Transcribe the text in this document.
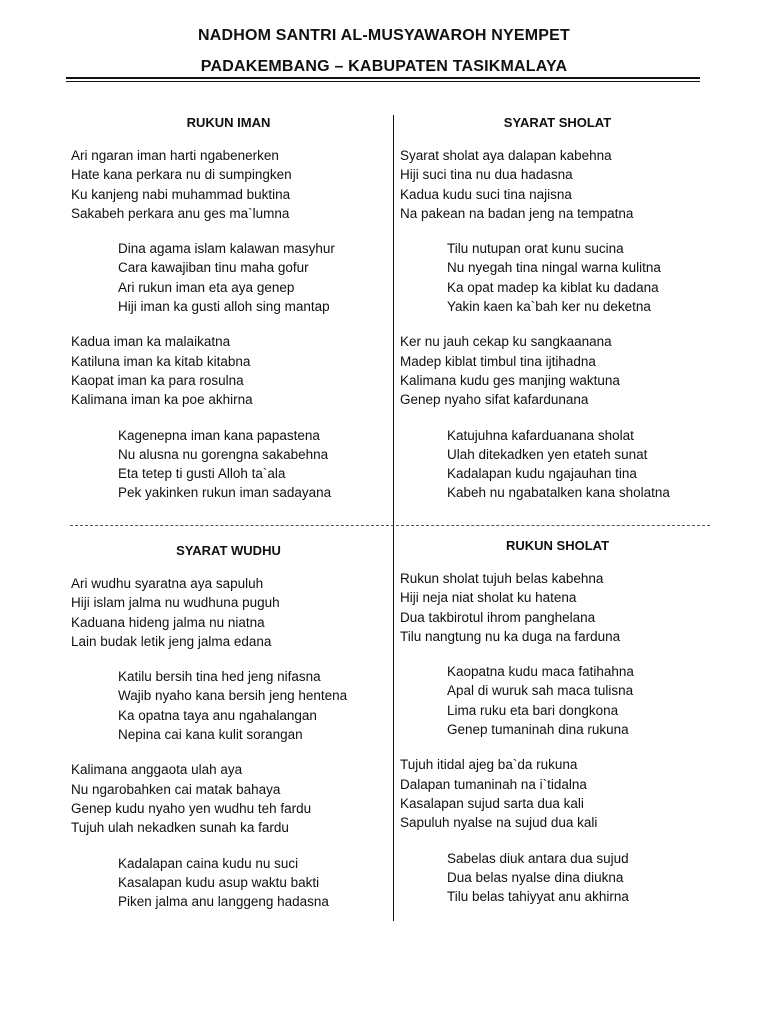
NADHOM SANTRI AL-MUSYAWAROH NYEMPET
PADAKEMBANG – KABUPATEN TASIKMALAYA
RUKUN IMAN
Ari ngaran iman harti ngabenerken
Hate kana perkara nu di sumpingken
Ku kanjeng nabi muhammad buktina
Sakabeh perkara anu ges ma`lumna
Dina agama islam kalawan masyhur
Cara kawajiban tinu maha gofur
Ari rukun iman eta aya genep
Hiji iman ka gusti alloh sing mantap
Kadua iman ka malaikatna
Katiluna iman ka kitab kitabna
Kaopat iman ka para rosulna
Kalimana iman ka poe akhirna
Kagenepna iman kana papastena
Nu alusna nu gorengna sakabehna
Eta tetep ti gusti Alloh ta`ala
Pek yakinken rukun iman sadayana
SYARAT SHOLAT
Syarat sholat aya dalapan kabehna
Hiji suci tina nu dua hadasna
Kadua kudu suci tina najisna
Na pakean na badan jeng na tempatna
Tilu nutupan orat kunu sucina
Nu nyegah tina ningal warna kulitna
Ka opat madep ka kiblat ku dadana
Yakin kaen ka`bah ker nu deketna
Ker nu jauh cekap ku sangkaanana
Madep kiblat timbul tina ijtihadna
Kalimana kudu ges manjing waktuna
Genep nyaho sifat kafardunana
Katujuhna kafarduanana sholat
Ulah ditekadken yen etateh sunat
Kadalapan kudu ngajauhan tina
Kabeh nu ngabatalken kana sholatna
SYARAT WUDHU
Ari wudhu syaratna aya sapuluh
Hiji islam jalma nu wudhuna puguh
Kaduana hideng jalma nu niatna
Lain budak letik jeng jalma edana
Katilu bersih tina hed jeng nifasna
Wajib nyaho kana bersih jeng hentena
Ka opatna taya anu ngahalangan
Nepina cai kana kulit sorangan
Kalimana anggaota ulah aya
Nu ngarobahken cai matak bahaya
Genep kudu nyaho yen wudhu teh fardu
Tujuh ulah nekadken sunah ka fardu
Kadalapan caina kudu nu suci
Kasalapan kudu asup waktu bakti
Piken jalma anu langgeng hadasna
RUKUN SHOLAT
Rukun sholat tujuh belas kabehna
Hiji neja niat sholat ku hatena
Dua takbirotul ihrom panghelana
Tilu nangtung nu ka duga na farduna
Kaopatna kudu maca fatihahna
Apal di wuruk sah maca tulisna
Lima ruku eta bari dongkona
Genep tumaninah dina rukuna
Tujuh itidal ajeg ba`da rukuna
Dalapan tumaninah na i`tidalna
Kasalapan sujud sarta dua kali
Sapuluh nyalse na sujud dua kali
Sabelas diuk antara dua sujud
Dua belas nyalse dina diukna
Tilu belas tahiyyat anu akhirna
